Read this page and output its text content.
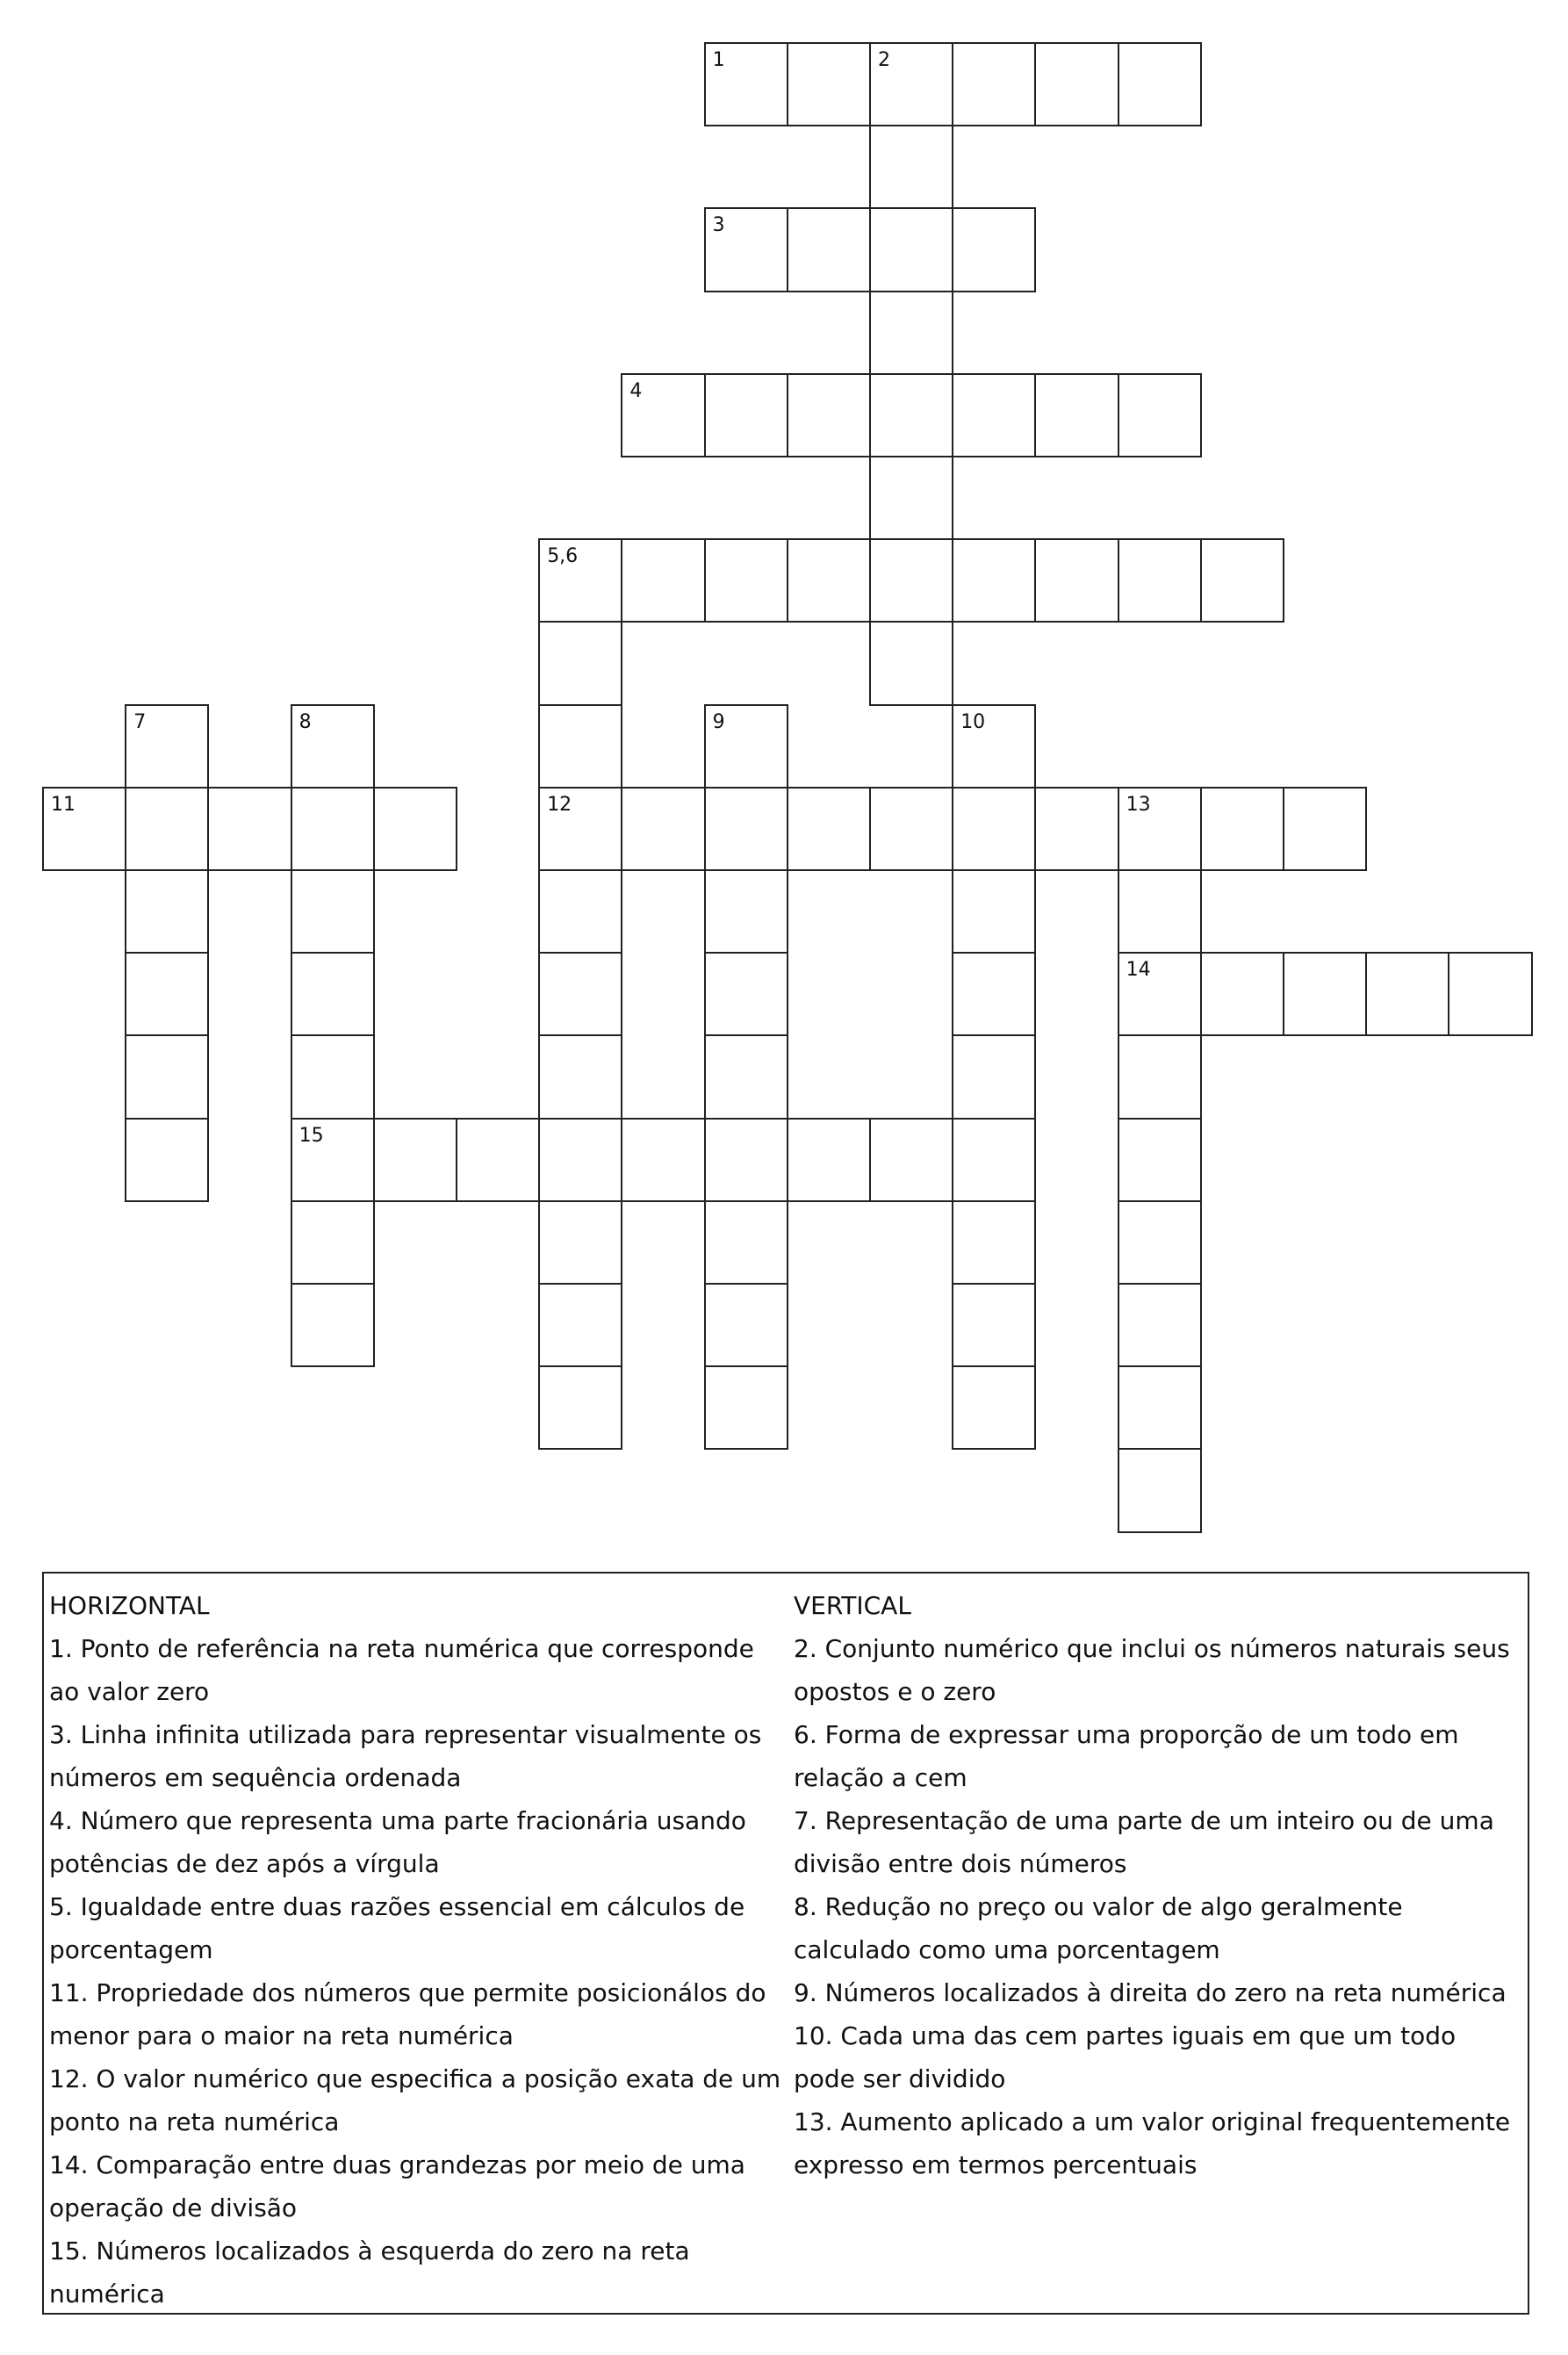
1	2
3
4
5,6
12
7	8
15
9	10
11	13
14

HORIZONTAL

1. Ponto de referência na reta numérica que corresponde ao valor zero

3. Linha infinita utilizada para representar visualmente os números em sequência ordenada

4. Número que representa uma parte fracionária usando potências de dez após a vírgula

5. Igualdade entre duas razões essencial em cálculos de porcentagem

11. Propriedade dos números que permite posicionálos do menor para o maior na reta numérica

12. O valor numérico que especifica a posição exata de um ponto na reta numérica

14. Comparação entre duas grandezas por meio de uma operação de divisão

15. Números localizados à esquerda do zero na reta numérica

VERTICAL

2. Conjunto numérico que inclui os números naturais seus opostos e o zero

6. Forma de expressar uma proporção de um todo em relação a cem

7. Representação de uma parte de um inteiro ou de uma divisão entre dois números

8. Redução no preço ou valor de algo geralmente calculado como uma porcentagem

9. Números localizados à direita do zero na reta numérica

10. Cada uma das cem partes iguais em que um todo pode ser dividido

13. Aumento aplicado a um valor original frequentemente expresso em termos percentuais
